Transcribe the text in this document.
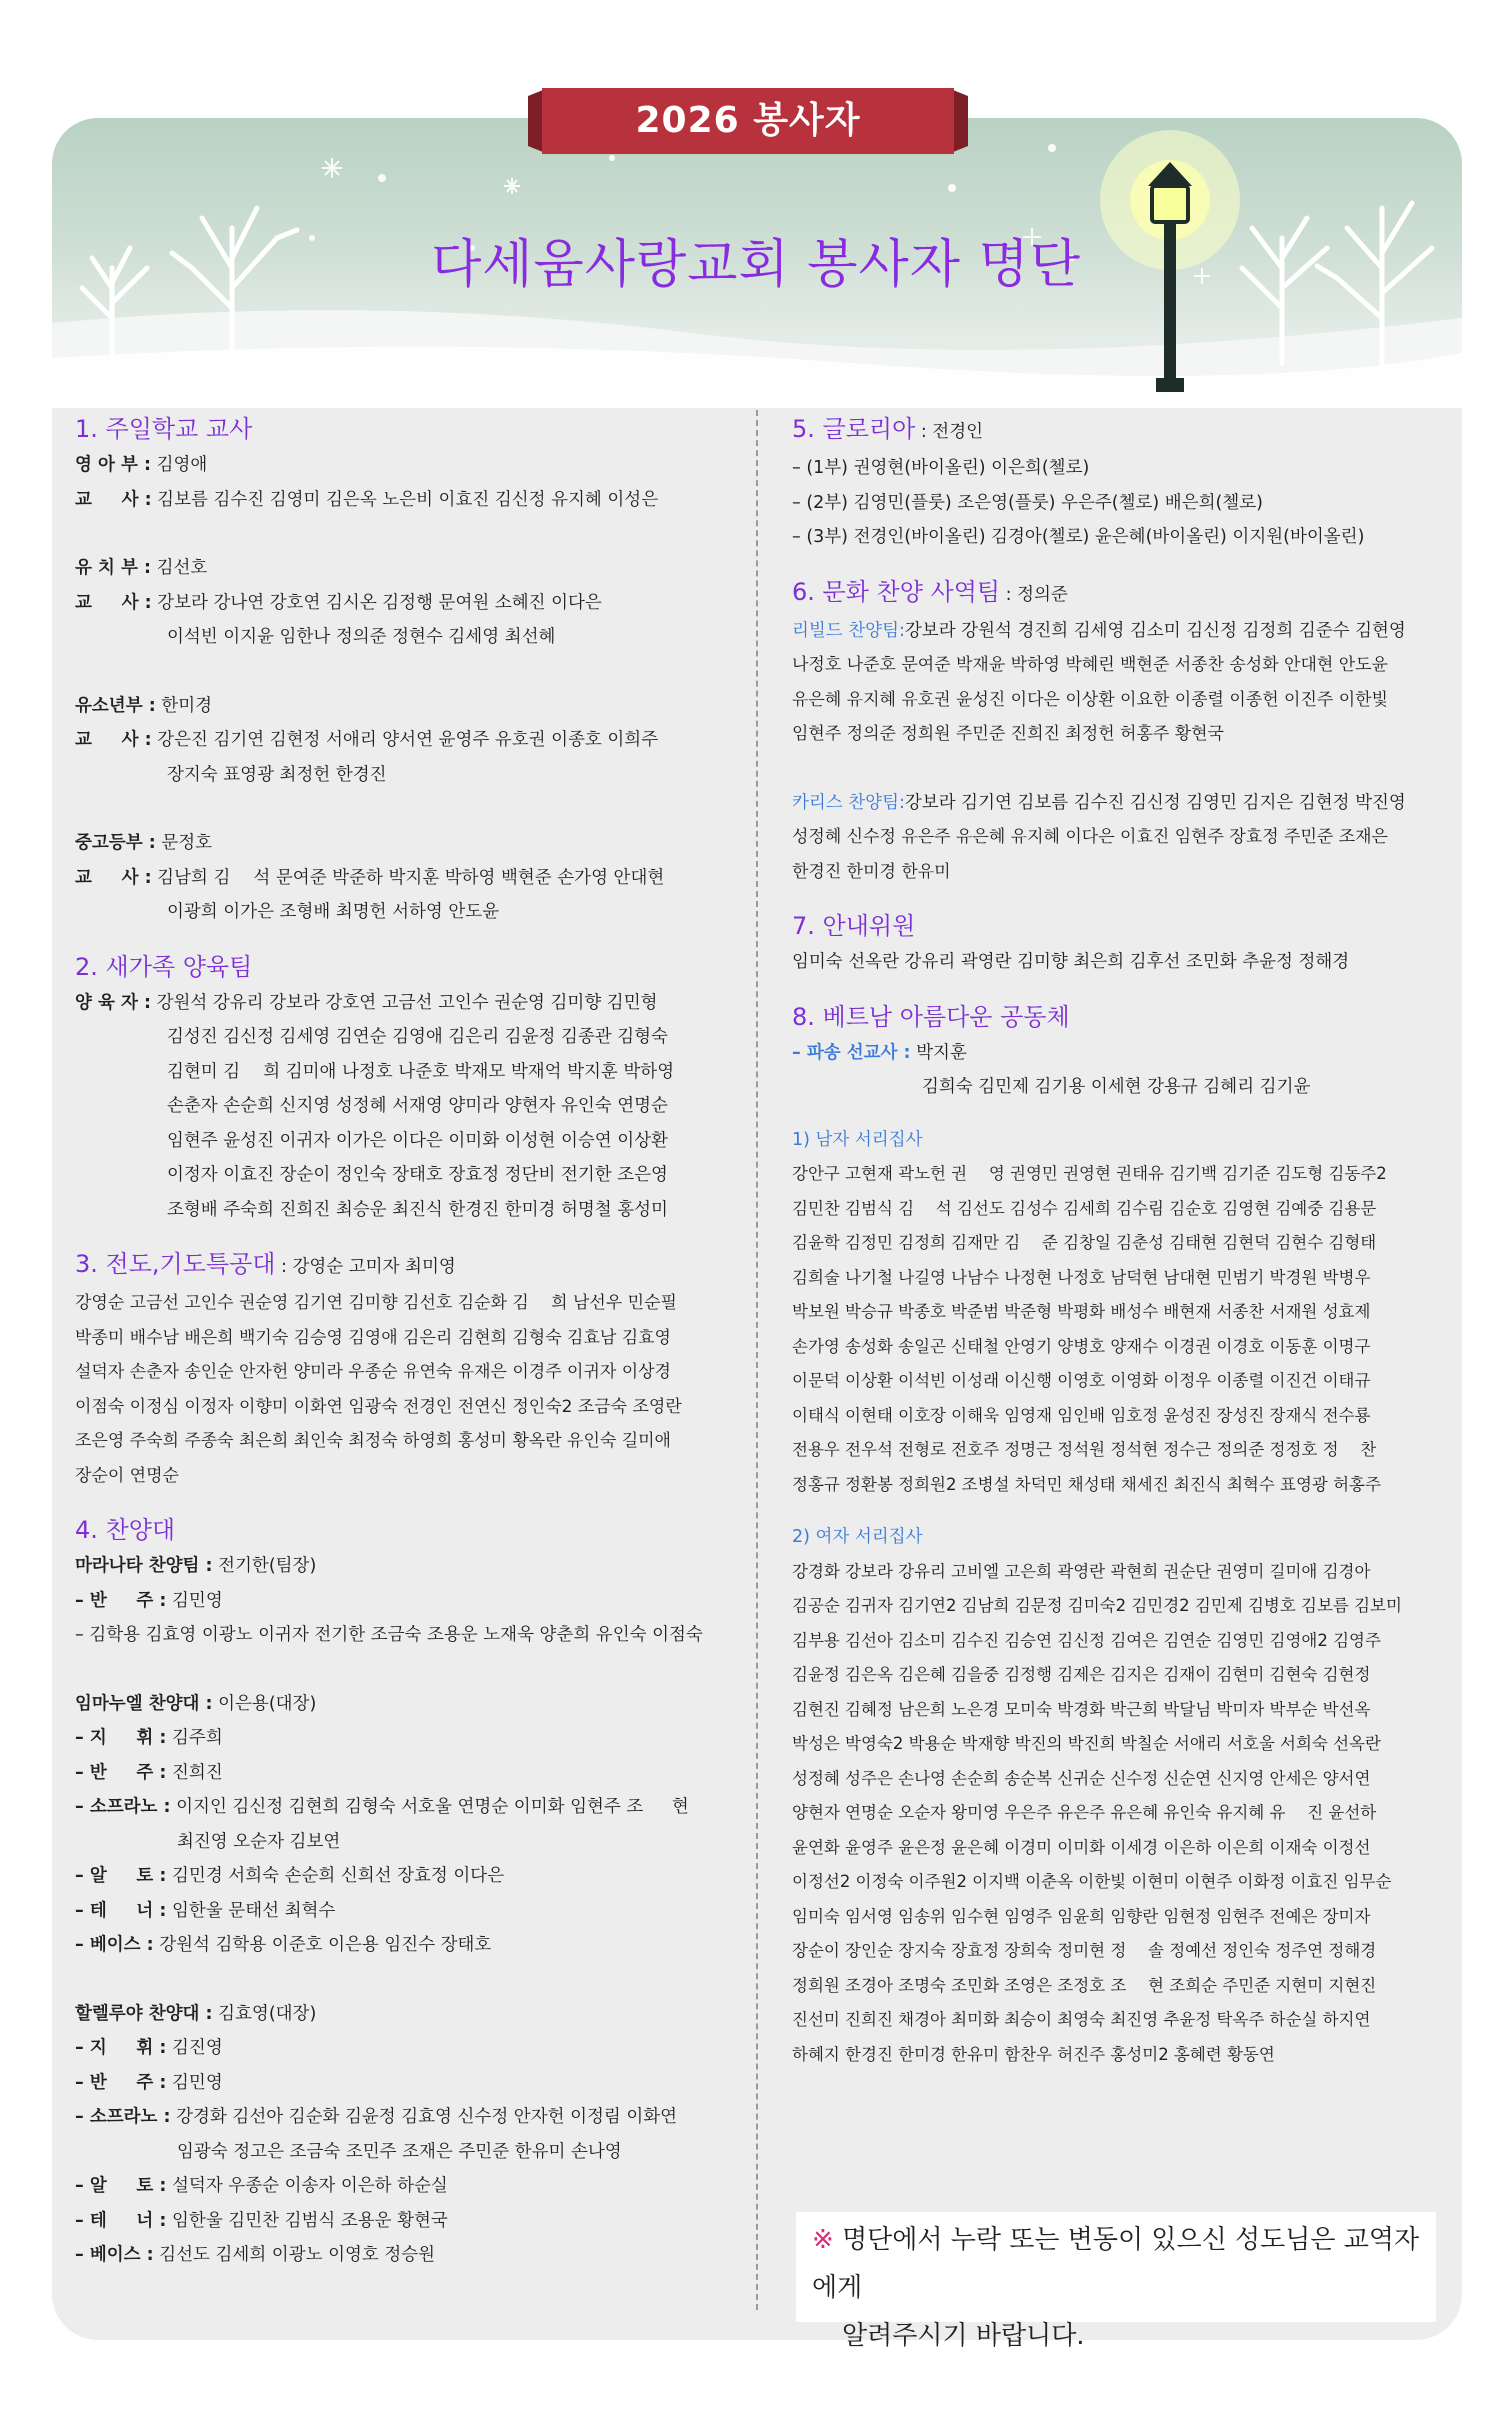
2026 봉사자
다세움사랑교회 봉사자 명단
1. 주일학교 교사
영 아 부 :
김영애
교 　 사 :
김보름 김수진 김영미 김은옥 노은비 이효진 김신정 유지혜 이성은
유 치 부 :
김선호
교 　 사 :
강보라 강나연 강호연 김시온 김정행 문여원 소혜진 이다은
이석빈 이지윤 임한나 정의준 정현수 김세영 최선혜
유소년부 :
한미경
교 　 사 :
강은진 김기연 김현정 서애리 양서연 윤영주 유호권 이종호 이희주
장지숙 표영광 최정헌 한경진
중고등부 :
문정호
교 　 사 :
김남희 김 　석 문여준 박준하 박지훈 박하영 백현준 손가영 안대현
이광희 이가은 조형배 최명헌 서하영 안도윤
2. 새가족 양육팀
양 육 자 :
강원석 강유리 강보라 강호연 고금선 고인수 권순영 김미향 김민형
김성진 김신정 김세영 김연순 김영애 김은리 김윤정 김종관 김형숙
김현미 김 　희 김미애 나정호 나준호 박재모 박재억 박지훈 박하영
손춘자 손순희 신지영 성정혜 서재영 양미라 양현자 유인숙 연명순
임현주 윤성진 이귀자 이가은 이다은 이미화 이성현 이승연 이상환
이정자 이효진 장순이 정인숙 장태호 장효정 정단비 전기한 조은영
조형배 주숙희 진희진 최승운 최진식 한경진 한미경 허명철 홍성미
3. 전도,기도특공대 : 강영순 고미자 최미영
강영순 고금선 고인수 권순영 김기연 김미향 김선호 김순화 김 　희 남선우 민순필
박종미 배수남 배은희 백기숙 김승영 김영애 김은리 김현희 김형숙 김효남 김효영
설덕자 손춘자 송인순 안자헌 양미라 우종순 유연숙 유재은 이경주 이귀자 이상경
이점숙 이정심 이정자 이향미 이화연 임광숙 전경인 전연신 정인숙2 조금숙 조영란
조은영 주숙희 주종숙 최은희 최인숙 최정숙 하영희 홍성미 황옥란 유인숙 길미애
장순이 연명순
4. 찬양대
마라나타 찬양팀 :
전기한(팀장)
– 반 　 주 :
김민영
– 김학용 김효영 이광노 이귀자 전기한 조금숙 조용운 노재욱 양춘희 유인숙 이점숙
임마누엘 찬양대 :
이은용(대장)
– 지 　 휘 :
김주희
– 반 　 주 :
진희진
– 소프라노 :
이지인 김신정 김현희 김형숙 서호울 연명순 이미화 임현주 조 　 현
최진영 오순자 김보연
– 알 　 토 :
김민경 서희숙 손순희 신희선 장효정 이다은
– 테 　 너 :
임한울 문태선 최혁수
– 베이스 :
강원석 김학용 이준호 이은용 임진수 장태호
할렐루야 찬양대 :
김효영(대장)
– 지 　 휘 :
김진영
– 반 　 주 :
김민영
– 소프라노 :
강경화 김선아 김순화 김윤정 김효영 신수정 안자헌 이정림 이화연
임광숙 정고은 조금숙 조민주 조재은 주민준 한유미 손나영
– 알 　 토 :
설덕자 우종순 이송자 이은하 하순실
– 테 　 너 :
임한울 김민찬 김범식 조용운 황현국
– 베이스 :
김선도 김세희 이광노 이영호 정승원
5. 글로리아 : 전경인
– (1부) 권영현(바이올린) 이은희(첼로)
– (2부) 김영민(플룻) 조은영(플룻) 우은주(첼로) 배은희(첼로)
– (3부) 전경인(바이올린) 김경아(첼로) 윤은혜(바이올린) 이지원(바이올린)
6. 문화 찬양 사역팀 : 정의준
리빌드 찬양팀: 강보라 강원석 경진희 김세영 김소미 김신정 김정희 김준수 김현영
나정호 나준호 문여준 박재윤 박하영 박혜린 백현준 서종찬 송성화 안대현 안도윤
유은혜 유지혜 유호권 윤성진 이다은 이상환 이요한 이종렬 이종헌 이진주 이한빛
임현주 정의준 정희원 주민준 진희진 최정헌 허홍주 황현국
카리스 찬양팀: 강보라 김기연 김보름 김수진 김신정 김영민 김지은 김현정 박진영
성정혜 신수정 유은주 유은혜 유지혜 이다은 이효진 임현주 장효정 주민준 조재은
한경진 한미경 한유미
7. 안내위원
임미숙 선옥란 강유리 곽영란 김미향 최은희 김후선 조민화 추윤정 정해경
8. 베트남 아름다운 공동체
– 파송 선교사 :
박지훈
김희숙 김민제 김기용 이세현 강용규 김혜리 김기윤
1) 남자 서리집사
강안구 고현재 곽노헌 권 　영 권영민 권영현 권태유 김기백 김기준 김도형 김동주2
김민찬 김범식 김 　석 김선도 김성수 김세희 김수림 김순호 김영현 김예중 김용문
김윤학 김정민 김정희 김재만 김 　준 김창일 김춘성 김태현 김현덕 김현수 김형태
김희술 나기철 나길영 나남수 나정현 나정호 남덕현 남대현 민범기 박경원 박병우
박보원 박승규 박종호 박준범 박준형 박평화 배성수 배현재 서종찬 서재원 성효제
손가영 송성화 송일곤 신태철 안영기 양병호 양재수 이경권 이경호 이동훈 이명구
이문덕 이상환 이석빈 이성래 이신행 이영호 이영화 이정우 이종렬 이진건 이태규
이태식 이현태 이호장 이해욱 임영재 임인배 임호정 윤성진 장성진 장재식 전수룡
전용우 전우석 전형로 전호주 정명근 정석원 정석현 정수근 정의준 정정호 정 　찬
정홍규 정환봉 정희원2 조병설 차덕민 채성태 채세진 최진식 최혁수 표영광 허홍주
2) 여자 서리집사
강경화 강보라 강유리 고비엘 고은희 곽영란 곽현희 권순단 권영미 길미애 김경아
김공순 김귀자 김기연2 김남희 김문정 김미숙2 김민경2 김민제 김병호 김보름 김보미
김부용 김선아 김소미 김수진 김승연 김신정 김여은 김연순 김영민 김영애2 김영주
김윤정 김은옥 김은혜 김을중 김정행 김제은 김지은 김재이 김현미 김현숙 김현정
김현진 김혜정 남은희 노은경 모미숙 박경화 박근희 박달님 박미자 박부순 박선옥
박성은 박영숙2 박용순 박재향 박진의 박진희 박칠순 서애리 서호울 서희숙 선옥란
성정혜 성주은 손나영 손순희 송순복 신귀순 신수정 신순연 신지영 안세은 양서연
양현자 연명순 오순자 왕미영 우은주 유은주 유은혜 유인숙 유지혜 유 　진 윤선하
윤연화 윤영주 윤은정 윤은혜 이경미 이미화 이세경 이은하 이은희 이재숙 이정선
이정선2 이정숙 이주원2 이지백 이춘옥 이한빛 이현미 이현주 이화정 이효진 임무순
임미숙 임서영 임송위 임수현 임영주 임윤희 임향란 임현정 임현주 전예은 장미자
장순이 장인순 장지숙 장효정 장희숙 정미현 정 　솔 정예선 정인숙 정주연 정해경
정희원 조경아 조명숙 조민화 조영은 조정호 조 　현 조희순 주민준 지현미 지현진
진선미 진희진 채경아 최미화 최승이 최영숙 최진영 추윤정 탁옥주 하순실 하지연
하혜지 한경진 한미경 한유미 함찬우 허진주 홍성미2 홍혜련 황동연
※ 명단에서 누락 또는 변동이 있으신 성도님은 교역자에게
알려주시기 바랍니다.
